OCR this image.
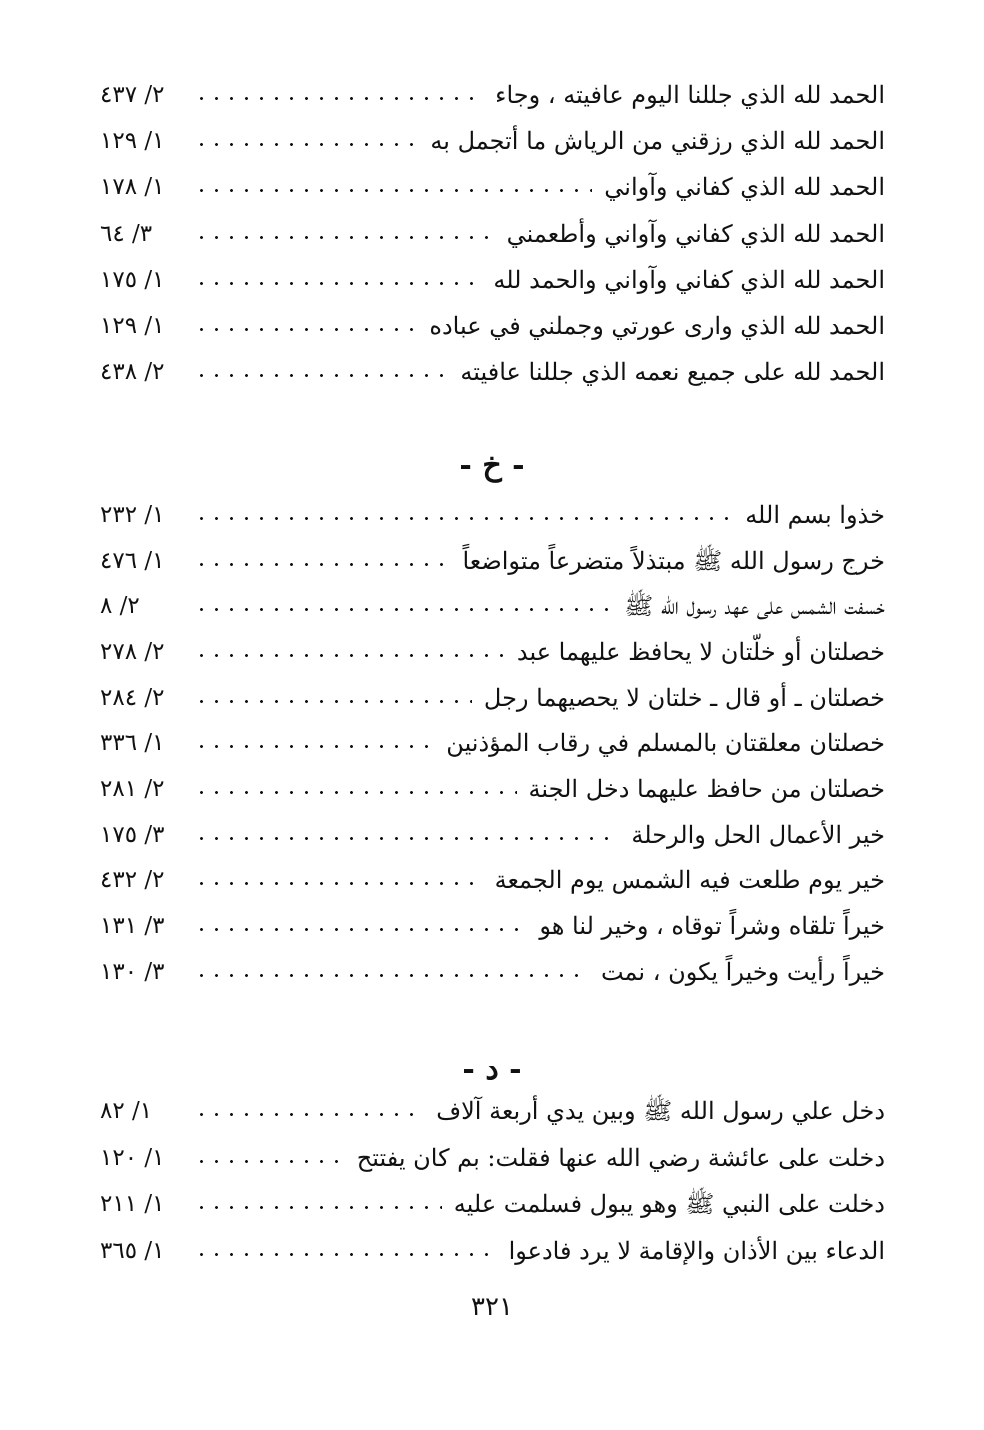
الحمد لله الذي جللنا اليوم عافيته ، وجاء
٢/ ٤٣٧
الحمد لله الذي رزقني من الرياش ما أتجمل به
١/ ١٢٩
الحمد لله الذي كفاني وآواني
١/ ١٧٨
الحمد لله الذي كفاني وآواني وأطعمني
٣/ ٦٤
الحمد لله الذي كفاني وآواني والحمد لله
١/ ١٧٥
الحمد لله الذي وارى عورتي وجملني في عباده
١/ ١٢٩
الحمد لله على جميع نعمه الذي جللنا عافيته
٢/ ٤٣٨
- خ -
خذوا بسم الله
١/ ٢٣٢
خرج رسول الله ﷺ مبتذلاً متضرعاً متواضعاً
١/ ٤٧٦
خسفت الشمس على عهد رسول الله ﷺ
٢/ ٨
خصلتان أو خلّتان لا يحافظ عليهما عبد
٢/ ٢٧٨
خصلتان ـ أو قال ـ خلتان لا يحصيهما رجل
٢/ ٢٨٤
خصلتان معلقتان بالمسلم في رقاب المؤذنين
١/ ٣٣٦
خصلتان من حافظ عليهما دخل الجنة
٢/ ٢٨١
خير الأعمال الحل والرحلة
٣/ ١٧٥
خير يوم طلعت فيه الشمس يوم الجمعة
٢/ ٤٣٢
خيراً تلقاه وشراً توقاه ، وخير لنا هو
٣/ ١٣١
خيراً رأيت وخيراً يكون ، نمت
٣/ ١٣٠
- د -
دخل علي رسول الله ﷺ وبين يدي أربعة آلاف
١/ ٨٢
دخلت على عائشة رضي الله عنها فقلت: بم كان يفتتح
١/ ١٢٠
دخلت على النبي ﷺ وهو يبول فسلمت عليه
١/ ٢١١
الدعاء بين الأذان والإقامة لا يرد فادعوا
١/ ٣٦٥
٣٢١
